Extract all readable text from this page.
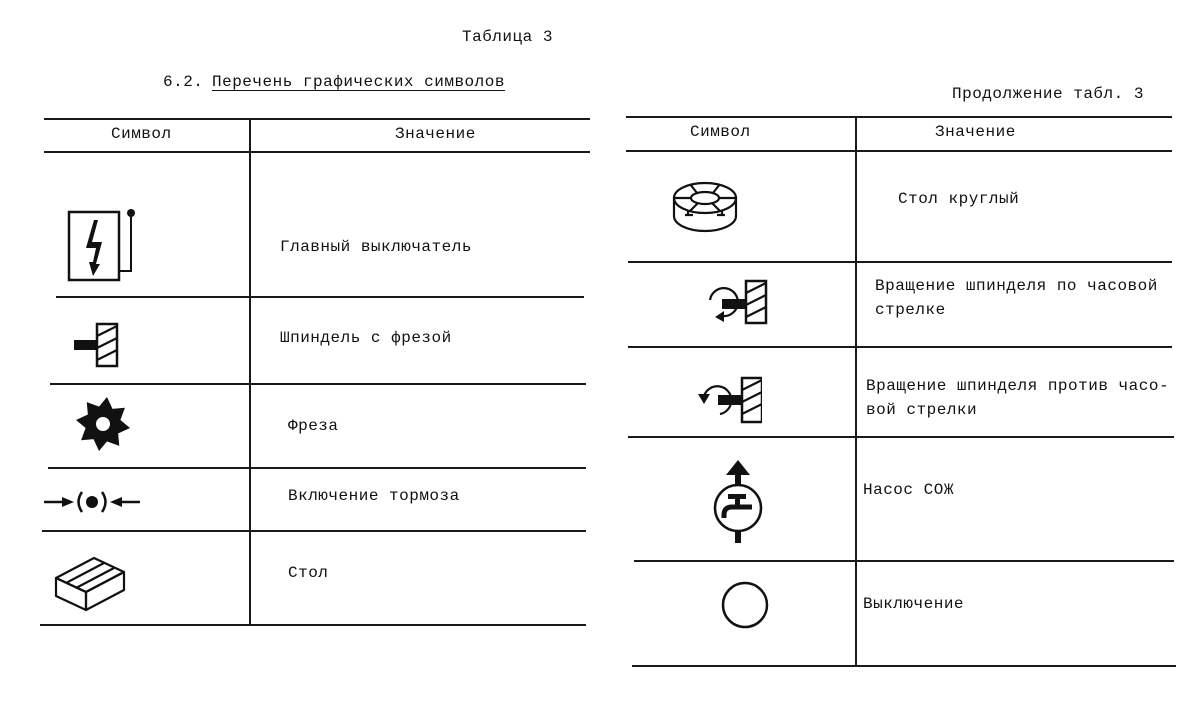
Таблица 3
6.2. Перечень графических символов
Символ	Значение
Главный выключатель
Шпиндель с фрезой
Фреза
Включение тормоза
Стол
Продолжение табл. 3
Символ	Значение
Стол круглый
Вращение шпинделя по часовой
стрелке
Вращение шпинделя против часо-
вой стрелки
Насос СОЖ
Выключение
